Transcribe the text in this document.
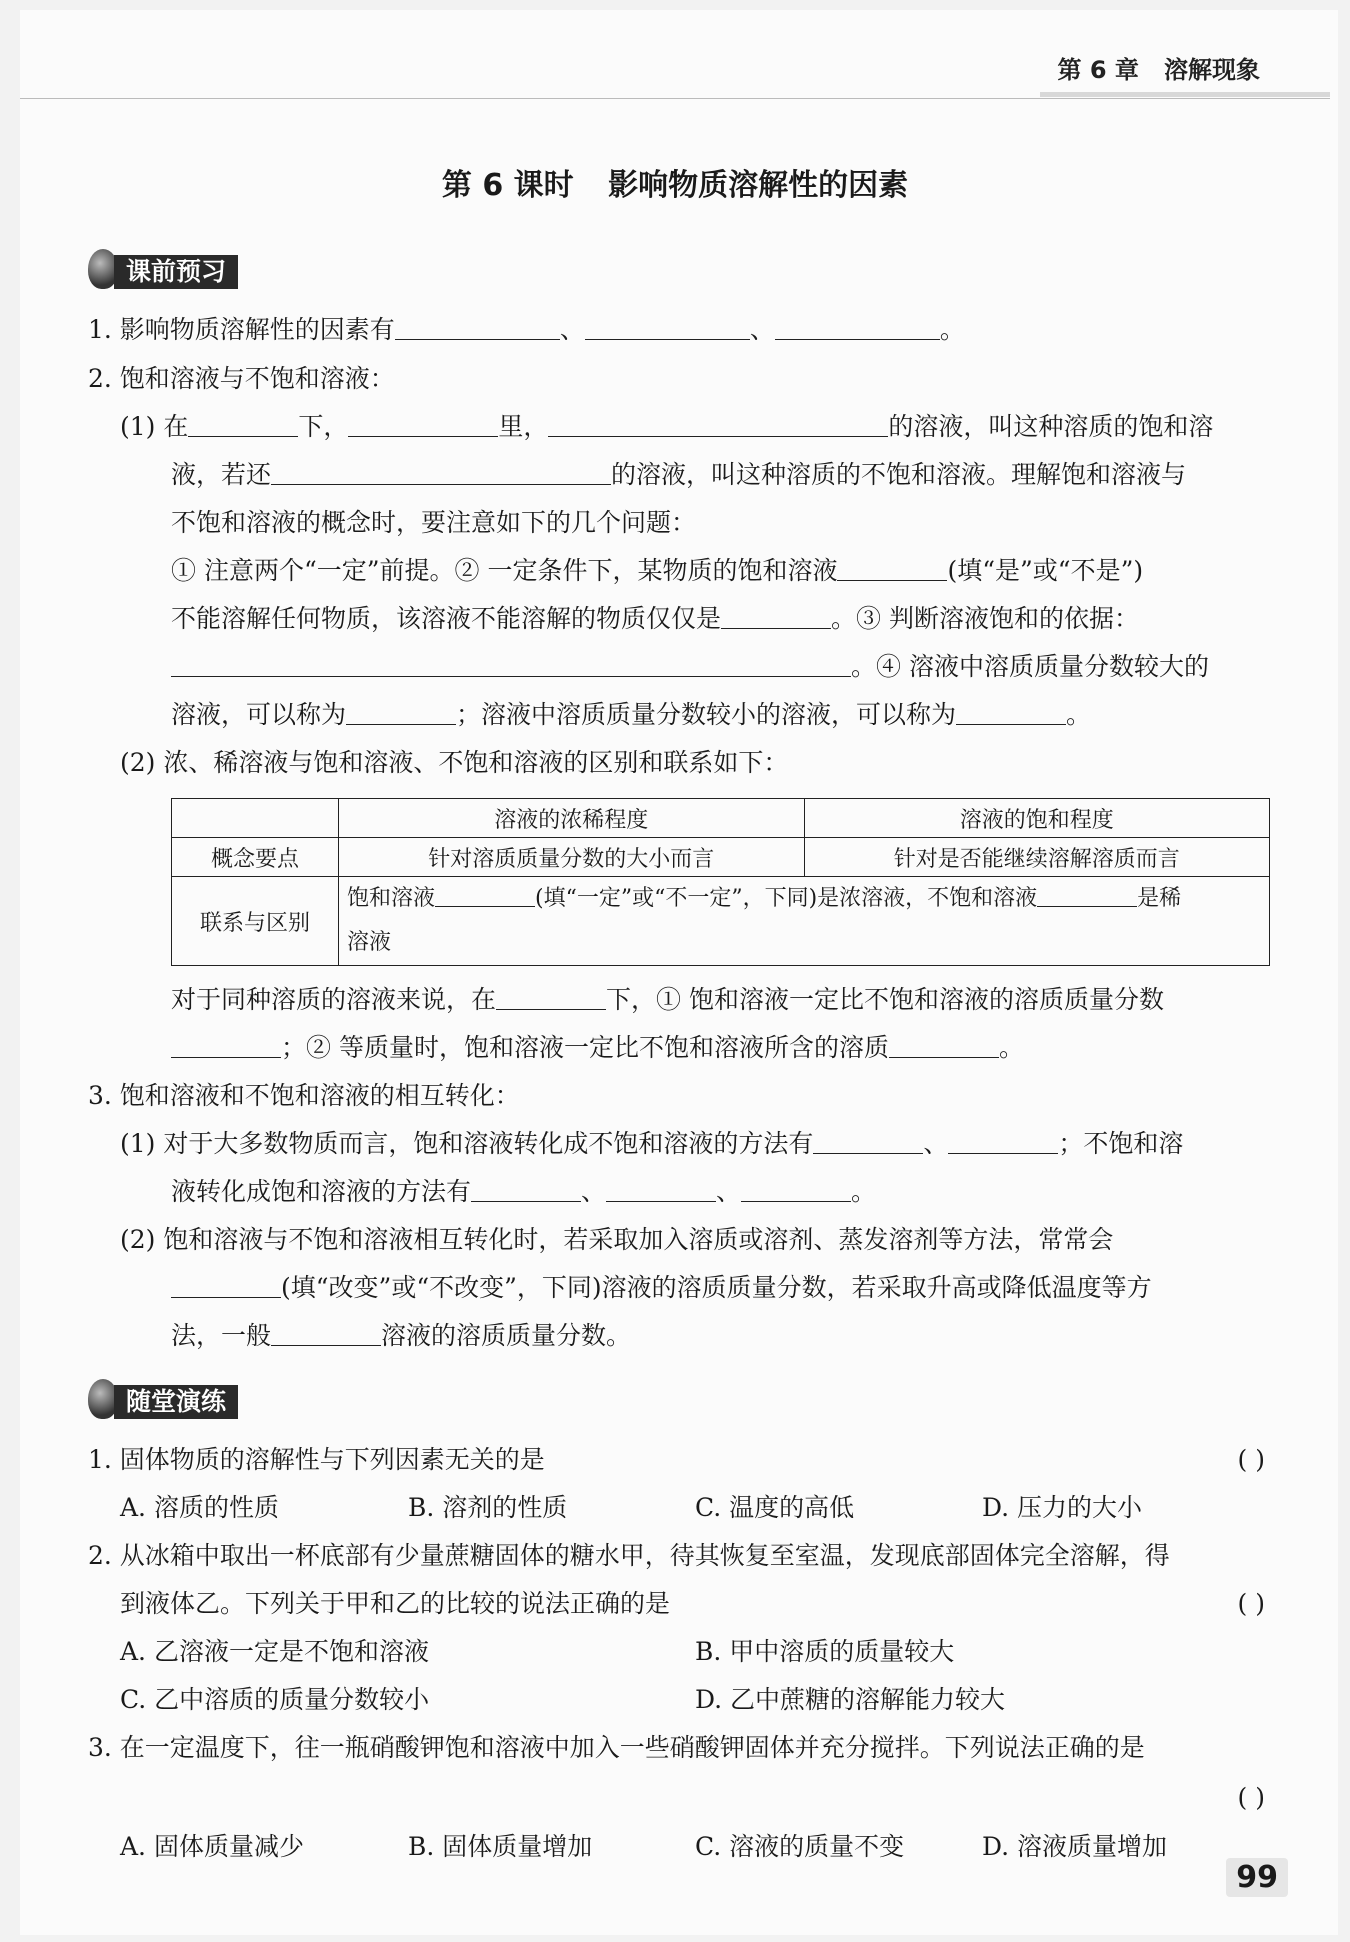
第 6 章 溶解现象
第 6 课时 影响物质溶解性的因素
课前预习
1. 影响物质溶解性的因素有	、	、	。
2. 饱和溶液与不饱和溶液：
(1) 在	下，	里，	的溶液，叫这种溶质的饱和溶
液，若还	的溶液，叫这种溶质的不饱和溶液。理解饱和溶液与
不饱和溶液的概念时，要注意如下的几个问题：
① 注意两个“一定”前提。② 一定条件下，某物质的饱和溶液	(填“是”或“不是”)
不能溶解任何物质，该溶液不能溶解的物质仅仅是	。③ 判断溶液饱和的依据：
。④ 溶液中溶质质量分数较大的
溶液，可以称为	；溶液中溶质质量分数较小的溶液，可以称为	。
(2) 浓、稀溶液与饱和溶液、不饱和溶液的区别和联系如下：
	溶液的浓稀程度	溶液的饱和程度
概念要点	针对溶质质量分数的大小而言	针对是否能继续溶解溶质而言
联系与区别	饱和溶液 (填“一定”或“不一定”，下同)是浓溶液，不饱和溶液 是稀
溶液	
对于同种溶质的溶液来说，在	下，① 饱和溶液一定比不饱和溶液的溶质质量分数
；② 等质量时，饱和溶液一定比不饱和溶液所含的溶质	。
3. 饱和溶液和不饱和溶液的相互转化：
(1) 对于大多数物质而言，饱和溶液转化成不饱和溶液的方法有	、	；不饱和溶
液转化成饱和溶液的方法有	、	、	。
(2) 饱和溶液与不饱和溶液相互转化时，若采取加入溶质或溶剂、蒸发溶剂等方法，常常会
(填“改变”或“不改变”，下同)溶液的溶质质量分数，若采取升高或降低温度等方
法，一般	溶液的溶质质量分数。
随堂演练
1. 固体物质的溶解性与下列因素无关的是	( )
A. 溶质的性质	B. 溶剂的性质	C. 温度的高低	D. 压力的大小
2. 从冰箱中取出一杯底部有少量蔗糖固体的糖水甲，待其恢复至室温，发现底部固体完全溶解，得
到液体乙。下列关于甲和乙的比较的说法正确的是	( )
A. 乙溶液一定是不饱和溶液	B. 甲中溶质的质量较大
C. 乙中溶质的质量分数较小	D. 乙中蔗糖的溶解能力较大
3. 在一定温度下，往一瓶硝酸钾饱和溶液中加入一些硝酸钾固体并充分搅拌。下列说法正确的是
( )
A. 固体质量减少	B. 固体质量增加	C. 溶液的质量不变	D. 溶液质量增加
99
